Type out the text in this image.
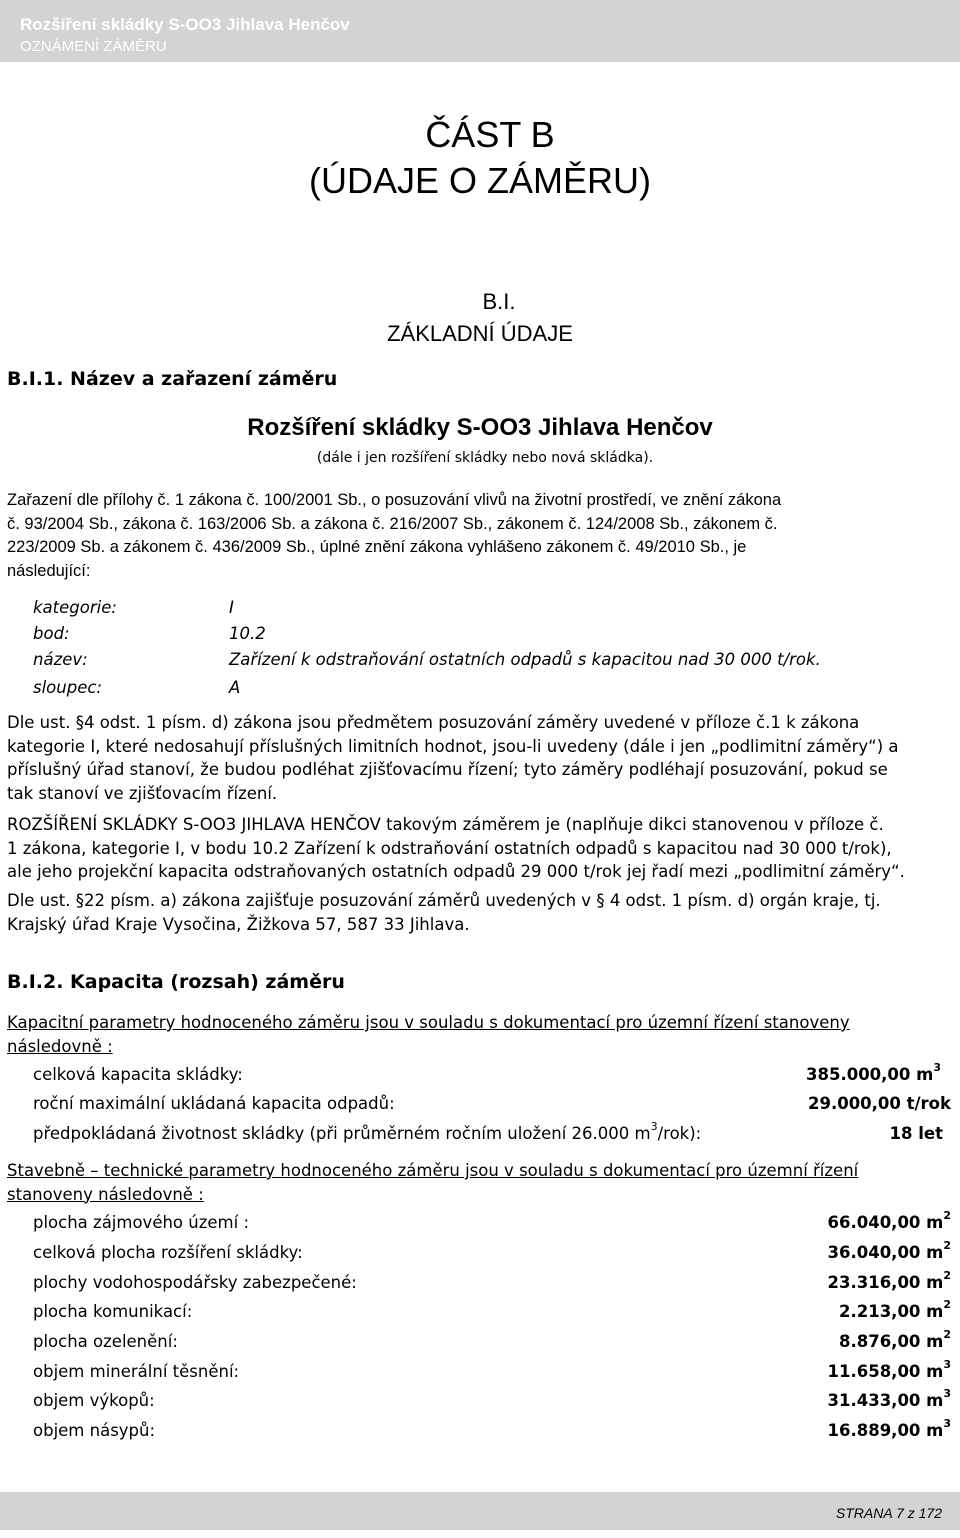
Rozšíření skládky S-OO3 Jihlava Henčov
OZNÁMENÍ ZÁMĚRU
ČÁST B
(ÚDAJE O ZÁMĚRU)
B.I.
ZÁKLADNÍ ÚDAJE
B.I.1. Název a zařazení záměru
Rozšíření skládky S-OO3 Jihlava Henčov
(dále i jen rozšíření skládky nebo nová skládka).
Zařazení dle přílohy č. 1 zákona č. 100/2001 Sb., o posuzování vlivů na životní prostředí, ve znění zákona
č. 93/2004 Sb., zákona č. 163/2006 Sb. a zákona č. 216/2007 Sb., zákonem č. 124/2008 Sb., zákonem č.
223/2009 Sb. a zákonem č. 436/2009 Sb., úplné znění zákona vyhlášeno zákonem č. 49/2010 Sb., je
následující:
kategorie:	I
bod:	10.2
název:	Zařízení k odstraňování ostatních odpadů s kapacitou nad 30 000 t/rok.
sloupec:	A
Dle ust. §4 odst. 1 písm. d) zákona jsou předmětem posuzování záměry uvedené v příloze č.1 k zákona
kategorie I, které nedosahují příslušných limitních hodnot, jsou-li uvedeny (dále i jen „podlimitní záměry“) a
příslušný úřad stanoví, že budou podléhat zjišťovacímu řízení; tyto záměry podléhají posuzování, pokud se
tak stanoví ve zjišťovacím řízení.
ROZŠÍŘENÍ SKLÁDKY S-OO3 JIHLAVA HENČOV takovým záměrem je (naplňuje dikci stanovenou v příloze č.
1 zákona, kategorie I, v bodu 10.2 Zařízení k odstraňování ostatních odpadů s kapacitou nad 30 000 t/rok),
ale jeho projekční kapacita odstraňovaných ostatních odpadů 29 000 t/rok jej řadí mezi „podlimitní záměry“.
Dle ust. §22 písm. a) zákona zajišťuje posuzování záměrů uvedených v § 4 odst. 1 písm. d) orgán kraje, tj.
Krajský úřad Kraje Vysočina, Žižkova 57, 587 33 Jihlava.
B.I.2. Kapacita (rozsah) záměru
Kapacitní parametry hodnoceného záměru jsou v souladu s dokumentací pro územní řízení stanoveny
následovně :
celková kapacita skládky:	385.000,00 $m^3$
roční maximální ukládaná kapacita odpadů:	29.000,00 t/rok
předpokládaná životnost skládky (při průměrném ročním uložení 26.000 $m^3/rok$):	18 let
Stavebně – technické parametry hodnoceného záměru jsou v souladu s dokumentací pro územní řízení
stanoveny následovně :
plocha zájmového území :	66.040,00 $m^2$
celková plocha rozšíření skládky:	36.040,00 $m^2$
plochy vodohospodářsky zabezpečené:	23.316,00 $m^2$
plocha komunikací:	2.213,00 $m^2$
plocha ozelenění:	8.876,00 $m^2$
objem minerální těsnění:	11.658,00 $m^3$
objem výkopů:	31.433,00 $m^3$
objem násypů:	16.889,00 $m^3$
STRANA 7 z 172
